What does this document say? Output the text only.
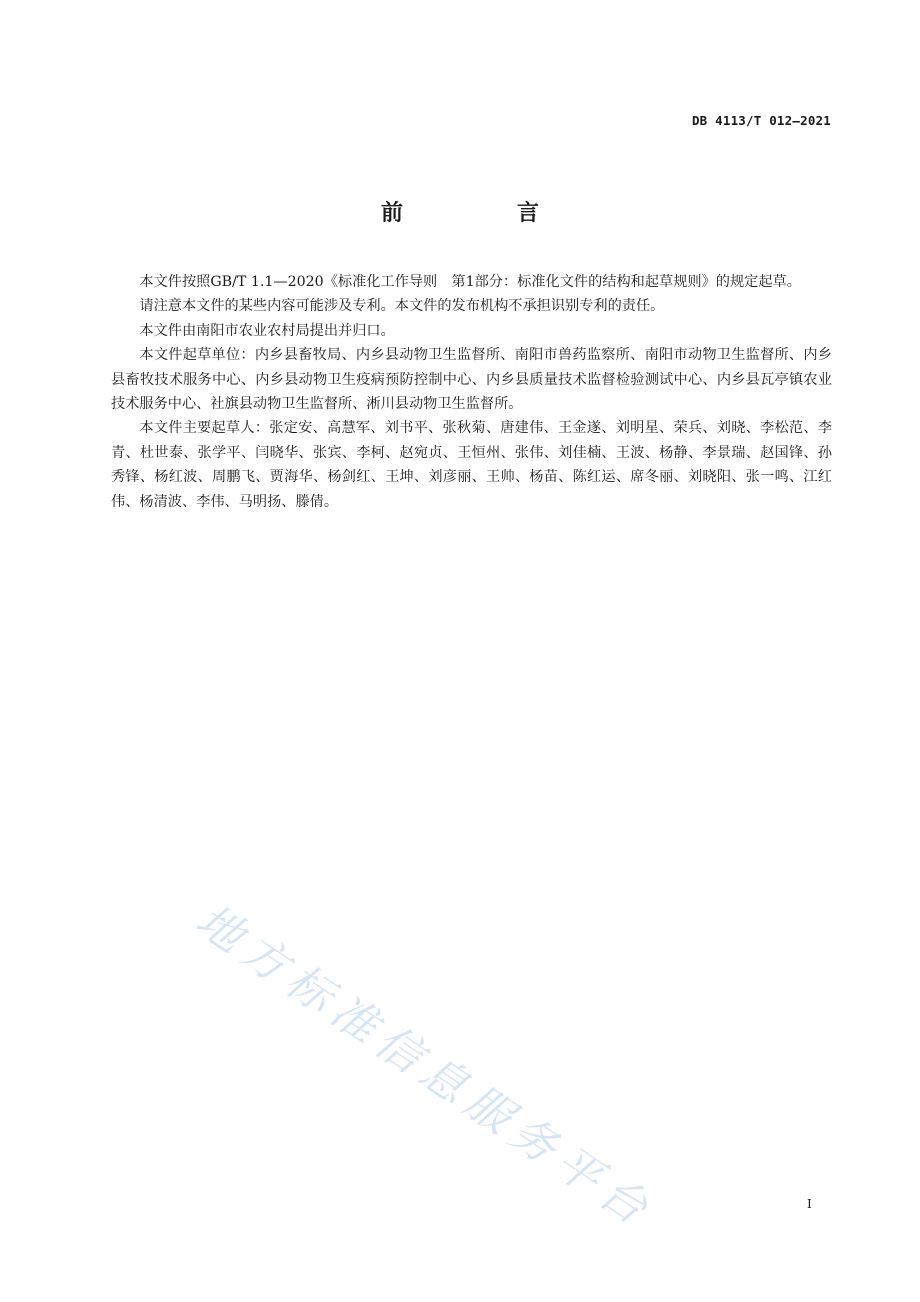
DB 4113/T 012—2021
前　言

本文件按照GB/T 1.1—2020《标准化工作导则　第1部分：标准化文件的结构和起草规则》的规定起草。

请注意本文件的某些内容可能涉及专利。本文件的发布机构不承担识别专利的责任。

本文件由南阳市农业农村局提出并归口。

本文件起草单位：内乡县畜牧局、内乡县动物卫生监督所、南阳市兽药监察所、南阳市动物卫生监督所、内乡县畜牧技术服务中心、内乡县动物卫生疫病预防控制中心、内乡县质量技术监督检验测试中心、内乡县瓦亭镇农业技术服务中心、社旗县动物卫生监督所、淅川县动物卫生监督所。

本文件主要起草人：张定安、高慧军、刘书平、张秋菊、唐建伟、王金遂、刘明星、荣兵、刘晓、李松范、李青、杜世泰、张学平、闫晓华、张宾、李柯、赵宛贞、王恒州、张伟、刘佳楠、王波、杨静、李景瑞、赵国锋、孙秀锋、杨红波、周鹏飞、贾海华、杨剑红、王坤、刘彦丽、王帅、杨苗、陈红运、席冬丽、刘晓阳、张一鸣、江红伟、杨清波、李伟、马明扬、滕倩。

地方标准信息服务平台	I
